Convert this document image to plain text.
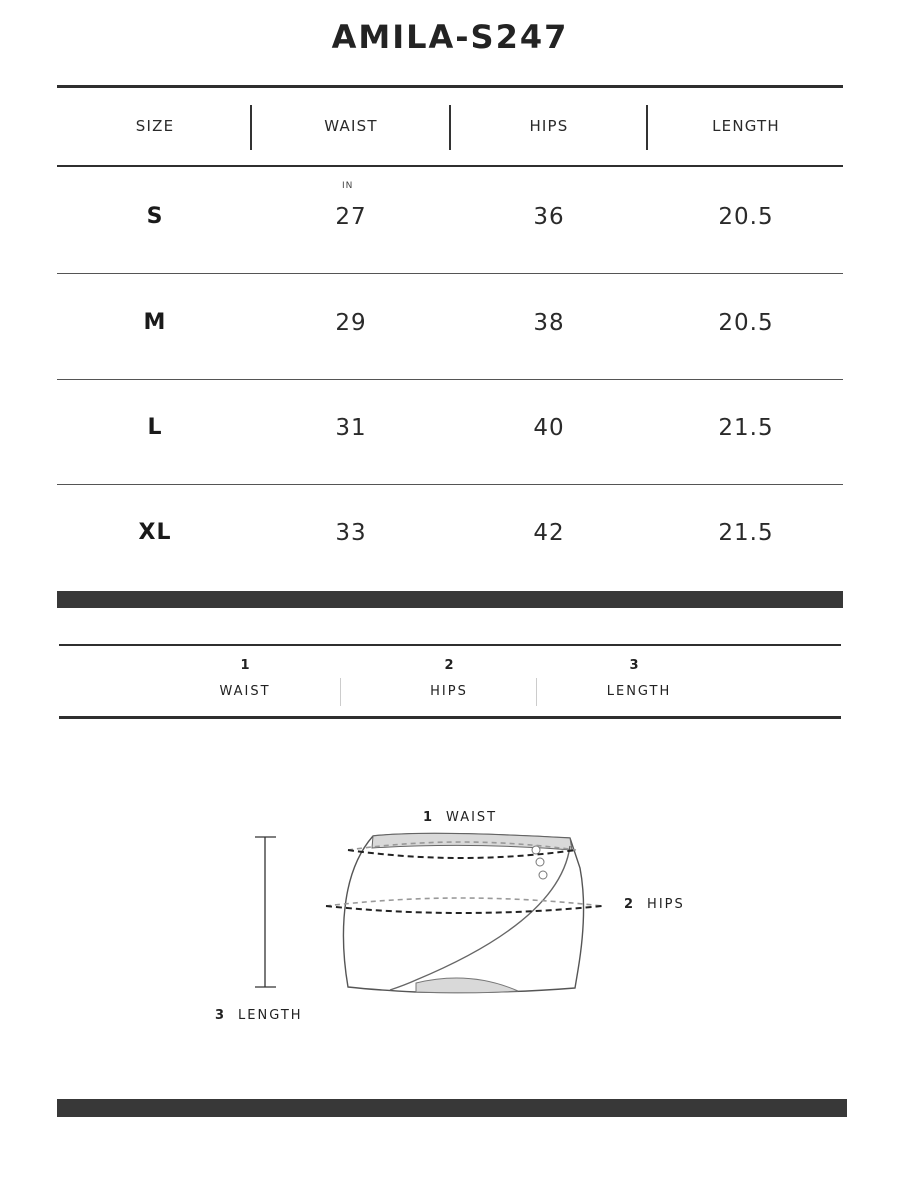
AMILA-S247
SIZE	WAIST	HIPS	LENGTH
IN
S	27	36	20.5
M	29	38	20.5
L	31	40	21.5
XL	33	42	21.5
1
WAIST
2
HIPS
3
LENGTH
1 WAIST
2 HIPS
3 LENGTH
